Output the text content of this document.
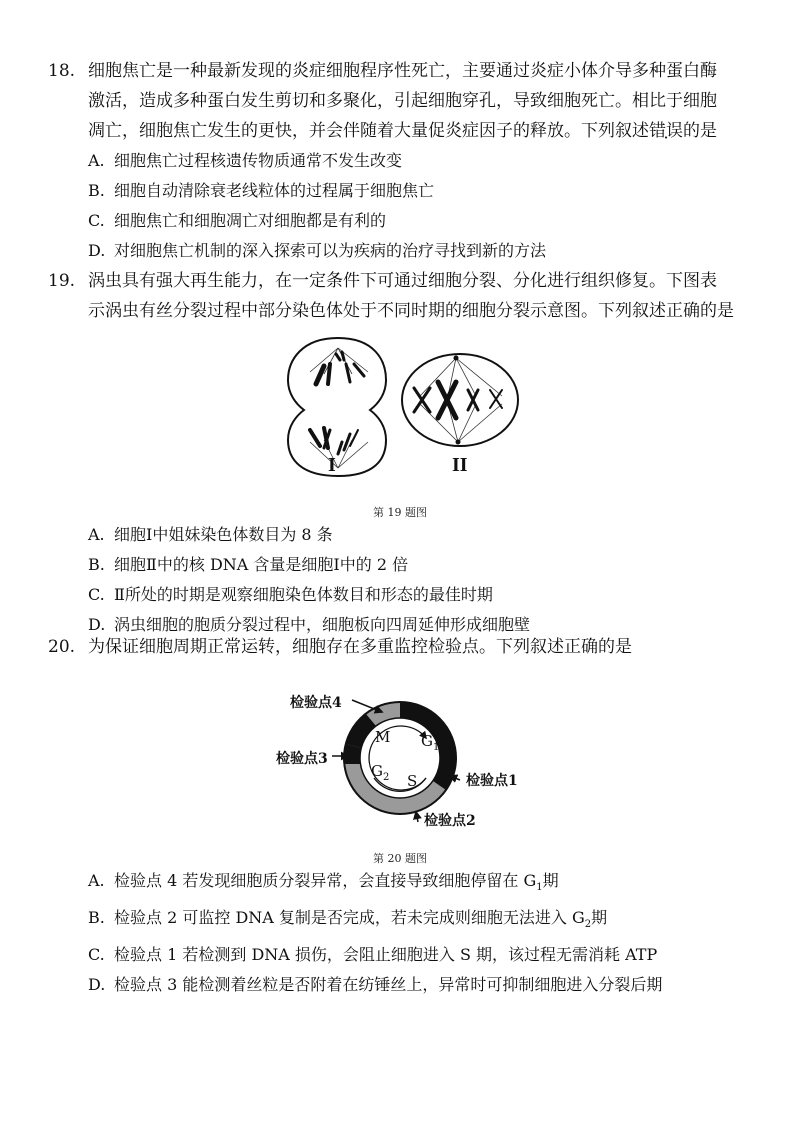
18. 细胞焦亡是一种最新发现的炎症细胞程序性死亡，主要通过炎症小体介导多种蛋白酶
激活，造成多种蛋白发生剪切和多聚化，引起细胞穿孔，导致细胞死亡。相比于细胞
凋亡，细胞焦亡发生的更快，并会伴随着大量促炎症因子的释放。下列叙述错误的是
A. 细胞焦亡过程核遗传物质通常不发生改变
B. 细胞自动清除衰老线粒体的过程属于细胞焦亡
C. 细胞焦亡和细胞凋亡对细胞都是有利的
D. 对细胞焦亡机制的深入探索可以为疾病的治疗寻找到新的方法
19. 涡虫具有强大再生能力，在一定条件下可通过细胞分裂、分化进行组织修复。下图表
示涡虫有丝分裂过程中部分染色体处于不同时期的细胞分裂示意图。下列叙述正确的是
I	II
第 19 题图
A. 细胞Ⅰ中姐妹染色体数目为 8 条
B. 细胞Ⅱ中的核 DNA 含量是细胞Ⅰ中的 2 倍
C. Ⅱ所处的时期是观察细胞染色体数目和形态的最佳时期
D. 涡虫细胞的胞质分裂过程中，细胞板向四周延伸形成细胞壁
20. 为保证细胞周期正常运转，细胞存在多重监控检验点。下列叙述正确的是
检验点4
检验点3
检验点1
检验点2
M $G_1$
$G_2$ S
第 20 题图
A. 检验点 4 若发现细胞质分裂异常，会直接导致细胞停留在 $G_1$期
B. 检验点 2 可监控 DNA 复制是否完成，若未完成则细胞无法进入 $G_2$期
C. 检验点 1 若检测到 DNA 损伤，会阻止细胞进入 S 期，该过程无需消耗 ATP
D. 检验点 3 能检测着丝粒是否附着在纺锤丝上，异常时可抑制细胞进入分裂后期
